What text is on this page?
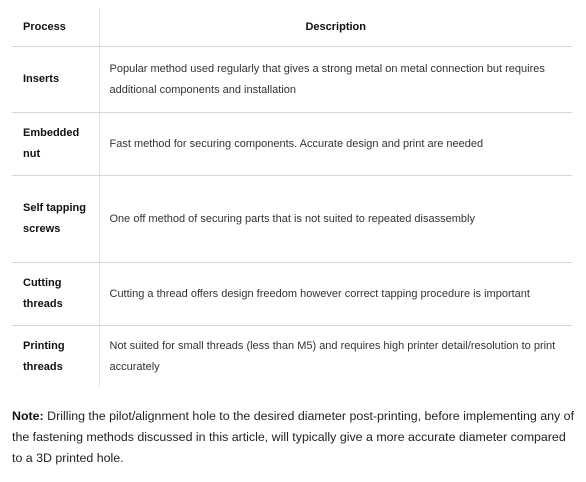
Process	Description
Inserts	Popular method used regularly that gives a strong metal on metal connection but requires additional components and installation
Embedded nut	Fast method for securing components. Accurate design and print are needed
Self tapping screws	One off method of securing parts that is not suited to repeated disassembly
Cutting threads	Cutting a thread offers design freedom however correct tapping procedure is important
Printing threads	Not suited for small threads (less than M5) and requires high printer detail/resolution to print accurately

Note: Drilling the pilot/alignment hole to the desired diameter post-printing, before implementing any of the fastening methods discussed in this article, will typically give a more accurate diameter compared to a 3D printed hole.
